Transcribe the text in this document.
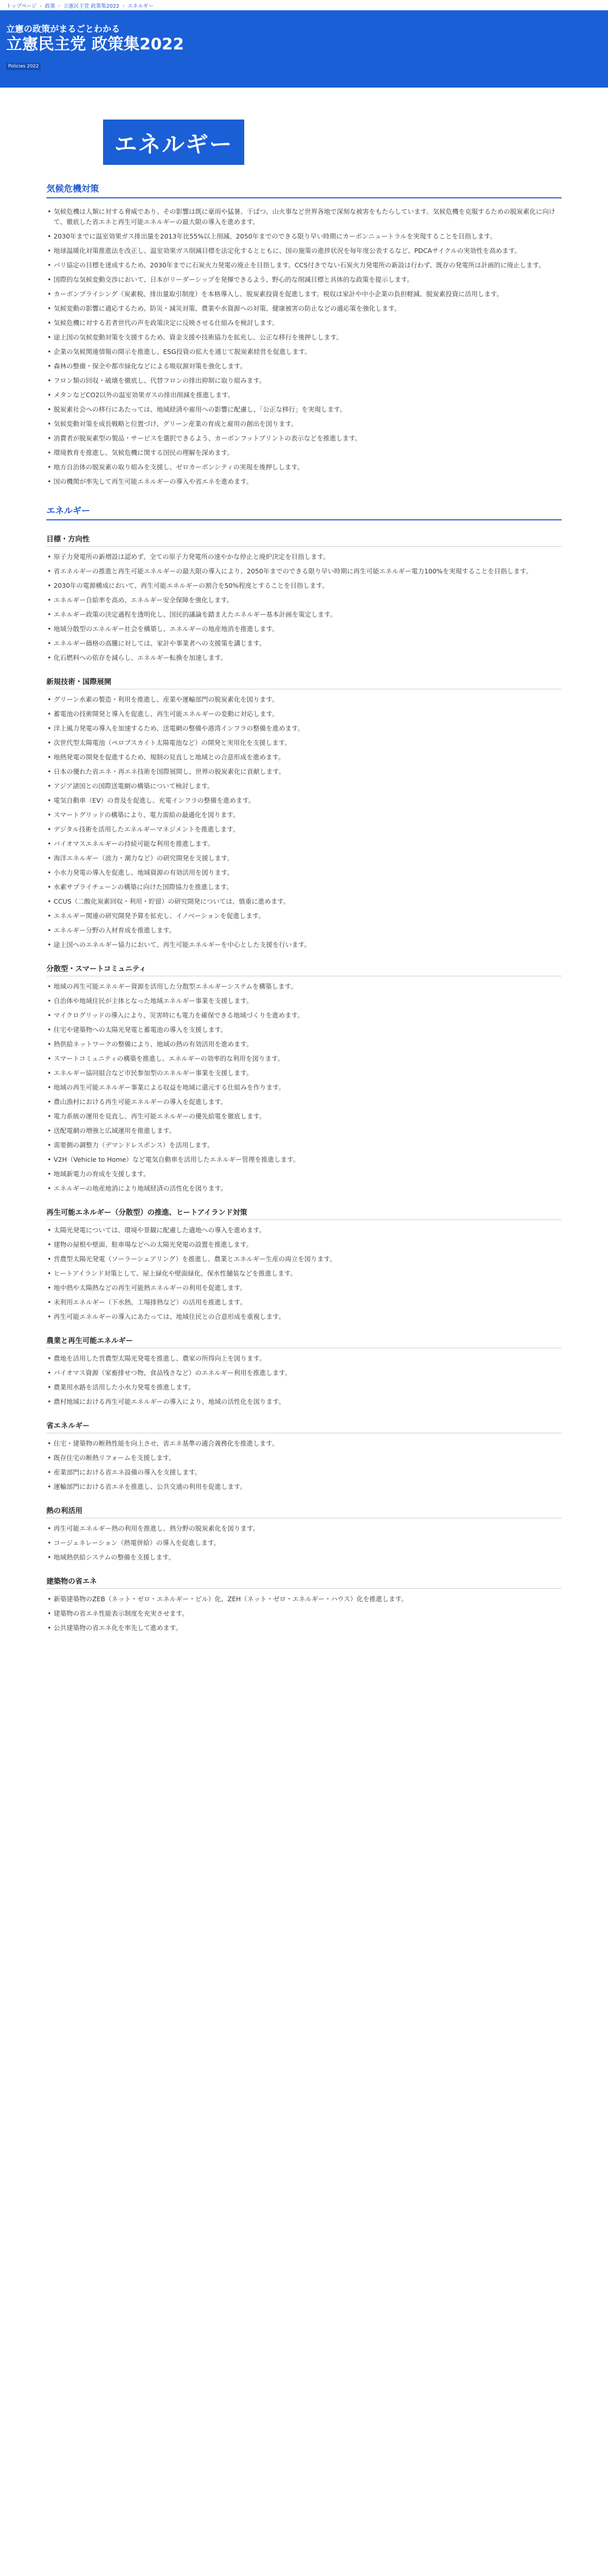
トップページ › 政策 › 立憲民主党 政策集2022 › エネルギー
立憲の政策がまるごとわかる
立憲民主党 政策集2022
Policies 2022
エネルギー
気候危機対策
• 気候危機は人類に対する脅威であり、その影響は既に豪雨や猛暑、干ばつ、山火事など世界各地で深刻な被害をもたらしています。気候危機を克服するための脱炭素化に向けて、徹底した省エネと再生可能エネルギーの最大限の導入を進めます。
• 2030年までに温室効果ガス排出量を2013年比55%以上削減、2050年までのできる限り早い時期にカーボンニュートラルを実現することを目指します。
• 地球温暖化対策推進法を改正し、温室効果ガス削減目標を法定化するとともに、国の施策の進捗状況を毎年度公表するなど、PDCAサイクルの実効性を高めます。
• パリ協定の目標を達成するため、2030年までに石炭火力発電の廃止を目指します。CCS付きでない石炭火力発電所の新設は行わず、既存の発電所は計画的に廃止します。
• 国際的な気候変動交渉において、日本がリーダーシップを発揮できるよう、野心的な削減目標と具体的な政策を提示します。
• カーボンプライシング（炭素税、排出量取引制度）を本格導入し、脱炭素投資を促進します。税収は家計や中小企業の負担軽減、脱炭素投資に活用します。
• 気候変動の影響に適応するため、防災・減災対策、農業や水資源への対策、健康被害の防止などの適応策を強化します。
• 気候危機に対する若者世代の声を政策決定に反映させる仕組みを検討します。
• 途上国の気候変動対策を支援するため、資金支援や技術協力を拡充し、公正な移行を後押しします。
• 企業の気候関連情報の開示を推進し、ESG投資の拡大を通じて脱炭素経営を促進します。
• 森林の整備・保全や都市緑化などによる吸収源対策を強化します。
• フロン類の回収・破壊を徹底し、代替フロンの排出抑制に取り組みます。
• メタンなどCO2以外の温室効果ガスの排出削減を推進します。
• 脱炭素社会への移行にあたっては、地域経済や雇用への影響に配慮し、「公正な移行」を実現します。
• 気候変動対策を成長戦略と位置づけ、グリーン産業の育成と雇用の創出を図ります。
• 消費者が脱炭素型の製品・サービスを選択できるよう、カーボンフットプリントの表示などを推進します。
• 環境教育を推進し、気候危機に関する国民の理解を深めます。
• 地方自治体の脱炭素の取り組みを支援し、ゼロカーボンシティの実現を後押しします。
• 国の機関が率先して再生可能エネルギーの導入や省エネを進めます。
エネルギー
目標・方向性
• 原子力発電所の新増設は認めず、全ての原子力発電所の速やかな停止と廃炉決定を目指します。
• 省エネルギーの推進と再生可能エネルギーの最大限の導入により、2050年までのできる限り早い時期に再生可能エネルギー電力100%を実現することを目指します。
• 2030年の電源構成において、再生可能エネルギーの割合を50%程度とすることを目指します。
• エネルギー自給率を高め、エネルギー安全保障を強化します。
• エネルギー政策の決定過程を透明化し、国民的議論を踏まえたエネルギー基本計画を策定します。
• 地域分散型のエネルギー社会を構築し、エネルギーの地産地消を推進します。
• エネルギー価格の高騰に対しては、家計や事業者への支援策を講じます。
• 化石燃料への依存を減らし、エネルギー転換を加速します。
新規技術・国際展開
• グリーン水素の製造・利用を推進し、産業や運輸部門の脱炭素化を図ります。
• 蓄電池の技術開発と導入を促進し、再生可能エネルギーの変動に対応します。
• 洋上風力発電の導入を加速するため、送電網の整備や港湾インフラの整備を進めます。
• 次世代型太陽電池（ペロブスカイト太陽電池など）の開発と実用化を支援します。
• 地熱発電の開発を促進するため、規制の見直しと地域との合意形成を進めます。
• 日本の優れた省エネ・再エネ技術を国際展開し、世界の脱炭素化に貢献します。
• アジア諸国との国際送電網の構築について検討します。
• 電気自動車（EV）の普及を促進し、充電インフラの整備を進めます。
• スマートグリッドの構築により、電力需給の最適化を図ります。
• デジタル技術を活用したエネルギーマネジメントを推進します。
• バイオマスエネルギーの持続可能な利用を推進します。
• 海洋エネルギー（波力・潮力など）の研究開発を支援します。
• 小水力発電の導入を促進し、地域資源の有効活用を図ります。
• 水素サプライチェーンの構築に向けた国際協力を推進します。
• CCUS（二酸化炭素回収・利用・貯留）の研究開発については、慎重に進めます。
• エネルギー関連の研究開発予算を拡充し、イノベーションを促進します。
• エネルギー分野の人材育成を推進します。
• 途上国へのエネルギー協力において、再生可能エネルギーを中心とした支援を行います。
分散型・スマートコミュニティ
• 地域の再生可能エネルギー資源を活用した分散型エネルギーシステムを構築します。
• 自治体や地域住民が主体となった地域エネルギー事業を支援します。
• マイクログリッドの導入により、災害時にも電力を確保できる地域づくりを進めます。
• 住宅や建築物への太陽光発電と蓄電池の導入を支援します。
• 熱供給ネットワークの整備により、地域の熱の有効活用を進めます。
• スマートコミュニティの構築を推進し、エネルギーの効率的な利用を図ります。
• エネルギー協同組合など市民参加型のエネルギー事業を支援します。
• 地域の再生可能エネルギー事業による収益を地域に還元する仕組みを作ります。
• 農山漁村における再生可能エネルギーの導入を促進します。
• 電力系統の運用を見直し、再生可能エネルギーの優先給電を徹底します。
• 送配電網の増強と広域運用を推進します。
• 需要側の調整力（デマンドレスポンス）を活用します。
• V2H（Vehicle to Home）など電気自動車を活用したエネルギー管理を推進します。
• 地域新電力の育成を支援します。
• エネルギーの地産地消により地域経済の活性化を図ります。
再生可能エネルギー（分散型）の推進、ヒートアイランド対策
• 太陽光発電については、環境や景観に配慮した適地への導入を進めます。
• 建物の屋根や壁面、駐車場などへの太陽光発電の設置を推進します。
• 営農型太陽光発電（ソーラーシェアリング）を推進し、農業とエネルギー生産の両立を図ります。
• ヒートアイランド対策として、屋上緑化や壁面緑化、保水性舗装などを推進します。
• 地中熱や太陽熱などの再生可能熱エネルギーの利用を促進します。
• 未利用エネルギー（下水熱、工場排熱など）の活用を推進します。
• 再生可能エネルギーの導入にあたっては、地域住民との合意形成を重視します。
農業と再生可能エネルギー
• 農地を活用した営農型太陽光発電を推進し、農家の所得向上を図ります。
• バイオマス資源（家畜排せつ物、食品残さなど）のエネルギー利用を推進します。
• 農業用水路を活用した小水力発電を推進します。
• 農村地域における再生可能エネルギーの導入により、地域の活性化を図ります。
省エネルギー
• 住宅・建築物の断熱性能を向上させ、省エネ基準の適合義務化を推進します。
• 既存住宅の断熱リフォームを支援します。
• 産業部門における省エネ設備の導入を支援します。
• 運輸部門における省エネを推進し、公共交通の利用を促進します。
熱の利活用
• 再生可能エネルギー熱の利用を推進し、熱分野の脱炭素化を図ります。
• コージェネレーション（熱電併給）の導入を促進します。
• 地域熱供給システムの整備を支援します。
建築物の省エネ
• 新築建築物のZEB（ネット・ゼロ・エネルギー・ビル）化、ZEH（ネット・ゼロ・エネルギー・ハウス）化を推進します。
• 建築物の省エネ性能表示制度を充実させます。
• 公共建築物の省エネ化を率先して進めます。
